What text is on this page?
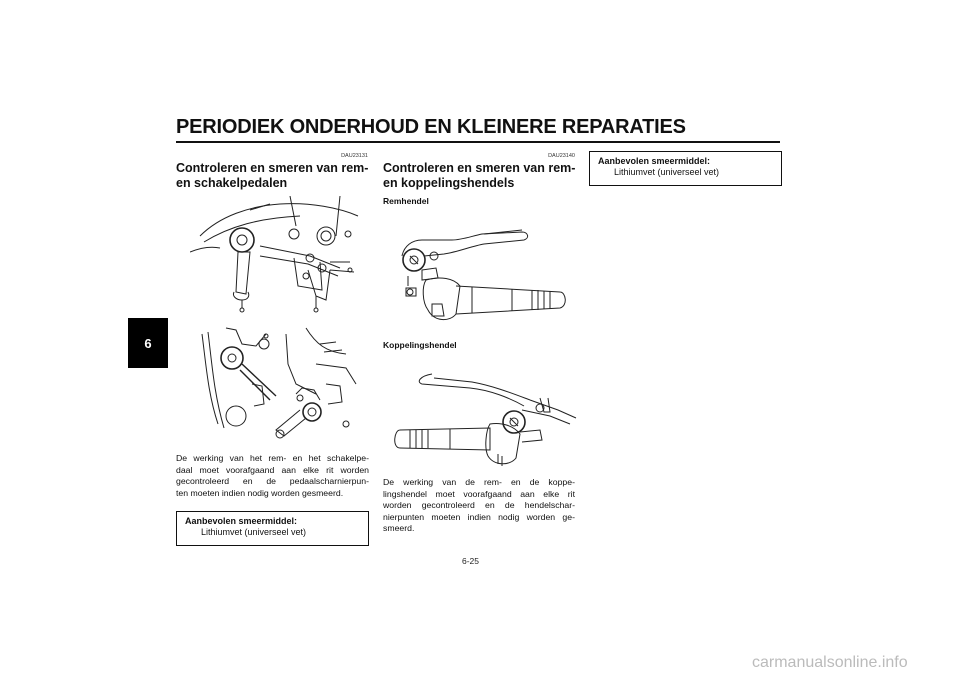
PERIODIEK ONDERHOUD EN KLEINERE REPARATIES
6
DAU23131
Controleren en smeren van rem-
en schakelpedalen
De werking van het rem- en het schakelpe-
daal moet voorafgaand aan elke rit worden
gecontroleerd en de pedaalscharnierpun-
ten moeten indien nodig worden gesmeerd.
Aanbevolen smeermiddel:
Lithiumvet (universeel vet)
DAU23140
Controleren en smeren van rem-
en koppelingshendels
Remhendel
Koppelingshendel
De werking van de rem- en de koppe-
lingshendel moet voorafgaand aan elke rit
worden gecontroleerd en de hendelschar-
nierpunten moeten indien nodig worden ge-
smeerd.
Aanbevolen smeermiddel:
Lithiumvet (universeel vet)
6-25
carmanualsonline.info
